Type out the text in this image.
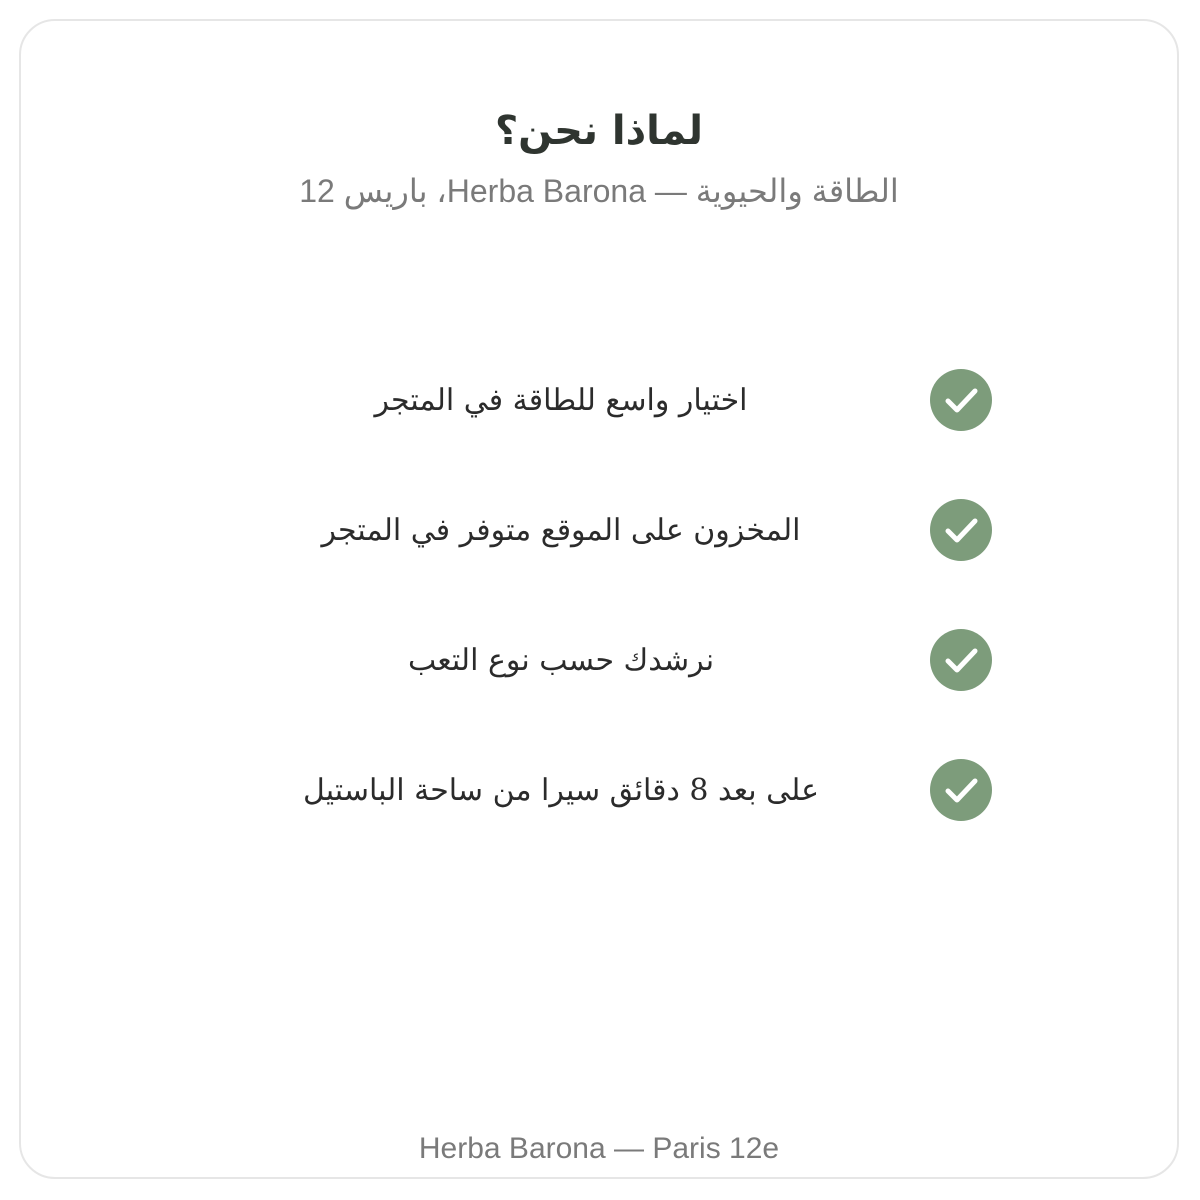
لماذا نحن؟
الطاقة والحيوية — Herba Barona، باريس 12
اختيار واسع للطاقة في المتجر
المخزون على الموقع متوفر في المتجر
نرشدك حسب نوع التعب
على بعد 8 دقائق سيرا من ساحة الباستيل
Herba Barona — Paris 12e
